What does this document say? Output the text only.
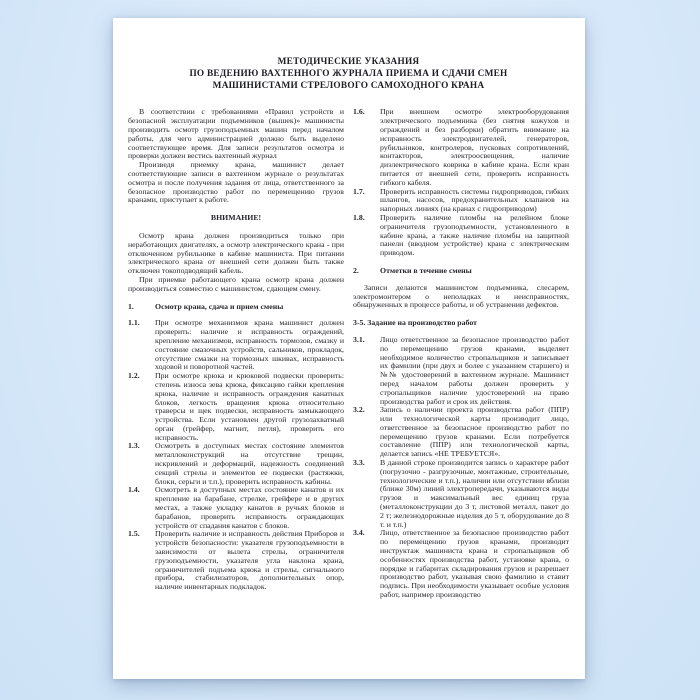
МЕТОДИЧЕСКИЕ УКАЗАНИЯ
ПО ВЕДЕНИЮ ВАХТЕННОГО ЖУРНАЛА ПРИЕМА И СДАЧИ СМЕН
МАШИНИСТАМИ СТРЕЛОВОГО САМОХОДНОГО КРАНА

В соответствии с требованиями «Правил устройств и безопасной эксплуатации подъемников (вышек)» машинисты производить осмотр грузоподъемных машин перед началом работы, для чего администрацией должно быть выделено соответствующее время. Для записи результатов осмотра и проверки должен вестись вахтенный журнал

Произведя приемку крана, машинист делает соответствующие записи в вахтенном журнале о результатах осмотра и после получения задания от лица, ответственного за безопасное производство работ по перемещению грузов кранами, приступает к работе.

ВНИМАНИЕ!

Осмотр крана должен производиться только при неработающих двигателях, а осмотр электрического крана - при отключенном рубильнике в кабине машиниста. При питании электрического крана от внешней сети должен быть также отключен токоподводящий кабель.

При приемке работающего крана осмотр крана должен производиться совместно с машинистом, сдающем смену.

1.	Осмотр крана, сдача и прием смены
1.1.	При осмотре механизмов крана машинист должен проверить: наличие и исправность ограждений, крепление механизмов, исправность тормозов, смазку и состояние смазочных устройств, сальников, прокладок, отсутствие смазки на тормозных шкивах, исправность ходовой и поворотной частей.
1.2.	При осмотре крюка и крюковой подвески проверить: степень износа зева крюка, фиксацию гайки крепления крюка, наличие и исправность ограждения канатных блоков, легкость вращения крюка относительно траверсы и щек подвески, исправность замыкающего устройства. Если установлен другой грузозахватный орган (грейфер, магнит, петля), проверить его исправность.
1.3.	Осмотреть в доступных местах состояние элементов металлоконструкций на отсутствие трещин, искривлений и деформаций, надежность соединений секций стрелы и элементов ее подвески (растяжки, блоки, серьги и т.п.), проверить исправность кабины.
1.4.	Осмотреть в доступных местах состояние канатов и их крепление на барабане, стрелке, грейфере и в других местах, а также укладку канатов в ручьях блоков и барабанов, проверить исправность ограждающих устройств от спадания канатов с блоков.
1.5.	Проверить наличие и исправность действия Приборов и устройств безопасности: указателя грузоподъемности в зависимости от вылета стрелы, ограничителя грузоподъемности, указателя угла наклона крана, ограничителей подъема крюка и стрелы, сигнального прибора, стабилизаторов, дополнительных опор, наличие инвентарных подкладок.
1.6.	При внешнем осмотре электрооборудования электрического подъемника (без снятия кожухов и ограждений и без разборки) обратить внимание на исправность электродвигателей, генераторов, рубильников, контролеров, пусковых сопротивлений, контакторов, электроосвещения, наличие диэлектрического коврика в кабине крана. Если кран питается от внешней сети, проверить исправность гибкого кабеля.
1.7.	Проверить исправность системы гидроприводов, гибких шлангов, насосов, предохранительных клапанов на напорных линиях (на кранах с гидроприводом)
1.8.	Проверить наличие пломбы на релейном блоке ограничителя грузоподъемности, установленного в кабине крана, а также наличие пломбы на защитной панели (вводном устройстве) крана с электрическим приводом.
2.	Отметки в течение смены

Записи делаются машинистом подъемника, слесарем, электромонтером о неполадках и неисправностях, обнаруженных в процессе работы, и об устранении дефектов.

3-5. Задание на производство работ
3.1.	Лицо ответственное за безопасное производство работ по перемещению грузов кранами, выделяет необходимое количество стропальщиков и записывает их фамилии (при двух и более с указанием старшего) и №№ удостоверений в вахтенном журнале. Машинист перед началом работы должен проверить у стропальщиков наличие удостоверений на право производства работ и срок их действия.
3.2.	Запись о наличии проекта производства работ (ППР) или технологической карты производит лицо, ответственное за безопасное производство работ по перемещению грузов кранами. Если потребуется составление (ППР) или технологической карты, делается запись «НЕ ТРЕБУЕТСЯ».
3.3.	В данной строке производится запись о характере работ (погрузочно - разгрузочные, монтажные, строительные, технологические и т.п.), наличии или отсутствии вблизи (ближе 30м) линий электропередачи, указываются виды грузов и максимальный вес единиц груза (металлоконструкции до 3 т, листовой металл, пакет до 2 т; железнодорожные изделия до 5 т, оборудование до 8 т. и т.п.)
3.4.	Лицо, ответственное за безопасное производство работ по перемещению грузов кранами, производит инструктаж машиниста крана и стропальщиков об особенностях производства работ, установке крана, о порядке и габаритах складирования грузов и разрешает производство работ, указывая свою фамилию и ставит подпись. При необходимости указывает особые условия работ, например производство
